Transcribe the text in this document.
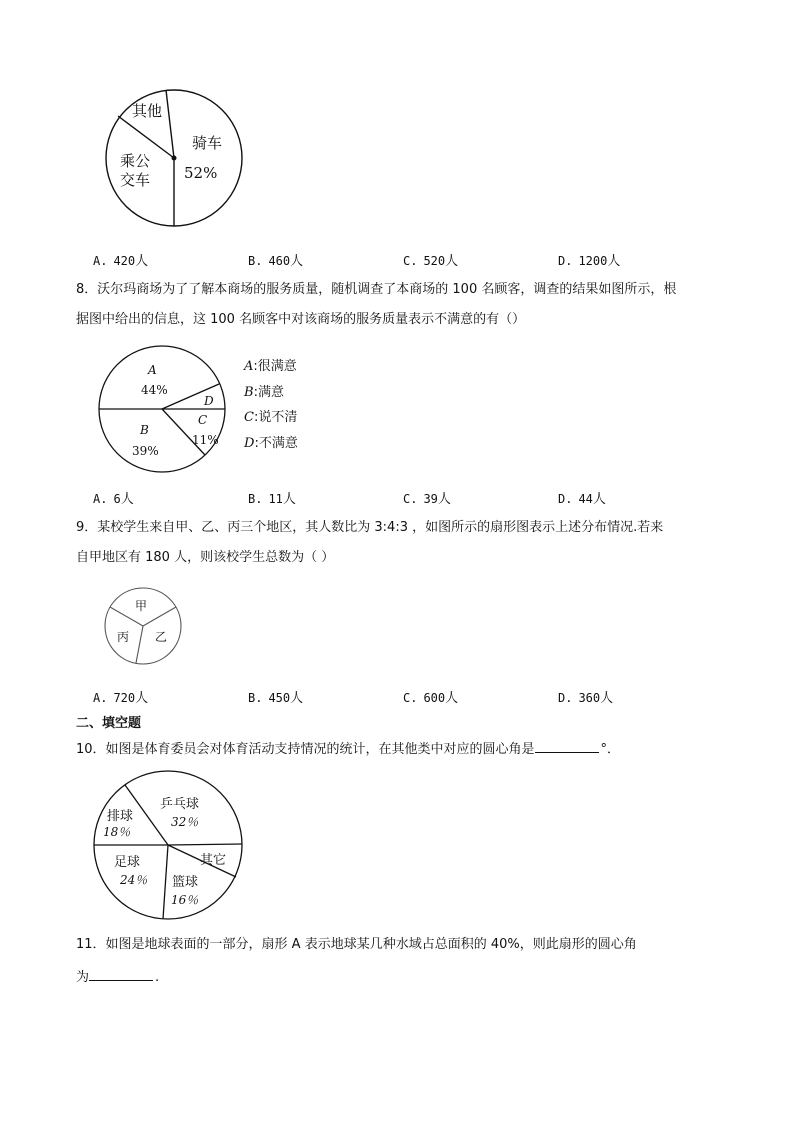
其他
乘公
交车
骑车
52%
A. 420人	B. 460人	C. 520人	D. 1200人
8．沃尔玛商场为了了解本商场的服务质量，随机调查了本商场的 100 名顾客，调查的结果如图所示，根
据图中给出的信息，这 100 名顾客中对该商场的服务质量表示不满意的有（）
A
44%
D
C
11%
B
39%
A:很满意
B:满意
C:说不清
D:不满意
A. 6人	B. 11人	C. 39人	D. 44人
9．某校学生来自甲、乙、丙三个地区，其人数比为 3:4:3 ，如图所示的扇形图表示上述分布情况.若来
自甲地区有 180 人，则该校学生总数为（ ）
甲
丙 乙
A. 720人	B. 450人	C. 600人	D. 360人
二、填空题
10．如图是体育委员会对体育活动支持情况的统计，在其他类中对应的圆心角是	°．
排球
18％
乒乓球
32％
足球
24％
其它
篮球
16％
11．如图是地球表面的一部分，扇形 A 表示地球某几种水域占总面积的 40%，则此扇形的圆心角
为	.
